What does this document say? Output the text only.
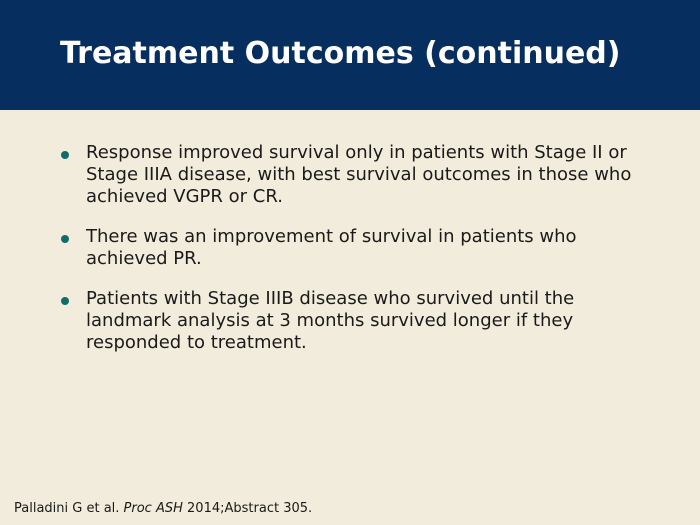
Treatment Outcomes (continued)
Response improved survival only in patients with Stage II or Stage IIIA disease, with best survival outcomes in those who achieved VGPR or CR.
There was an improvement of survival in patients who achieved PR.
Patients with Stage IIIB disease who survived until the landmark analysis at 3 months survived longer if they responded to treatment.
Palladini G et al. Proc ASH 2014;Abstract 305.
